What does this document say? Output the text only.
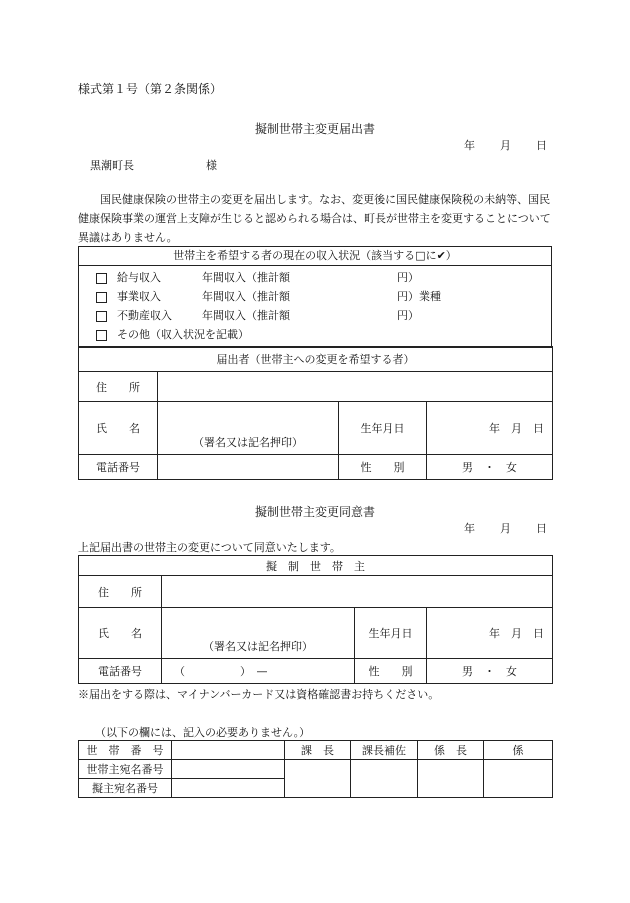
様式第１号（第２条関係）
擬制世帯主変更届出書
年 月 日
黒潮町長	様
国民健康保険の世帯主の変更を届出します。なお、変更後に国民健康保険税の未納等、国民健康保険事業の運営上支障が生じると認められる場合は、町長が世帯主を変更することについて異議はありません。
世帯主を希望する者の現在の収入状況（該当する□に✔）
給与収入	年間収入（推計額	円）
事業収入	年間収入（推計額	円）業種
不動産収入	年間収入（推計額	円）
その他（収入状況を記載）
届出者（世帯主への変更を希望する者）			
住　　所			
氏　　名	（署名又は記名押印）	生年月日	年　月　日
電話番号		性　　別	男　・　女
擬制世帯主変更同意書
年 月 日
上記届出書の世帯主の変更について同意いたします。
擬　制　世　帯　主			
住　　所			
氏　　名	（署名又は記名押印）	生年月日	年　月　日
電話番号	（　　　　　）　—	性　　別	男　・　女
※届出をする際は、マイナンバーカード又は資格確認書お持ちください。
（以下の欄には、記入の必要ありません。）
世　帯　番　号		課　長	課長補佐	係　長	係
世帯主宛名番号					
擬主宛名番号					
